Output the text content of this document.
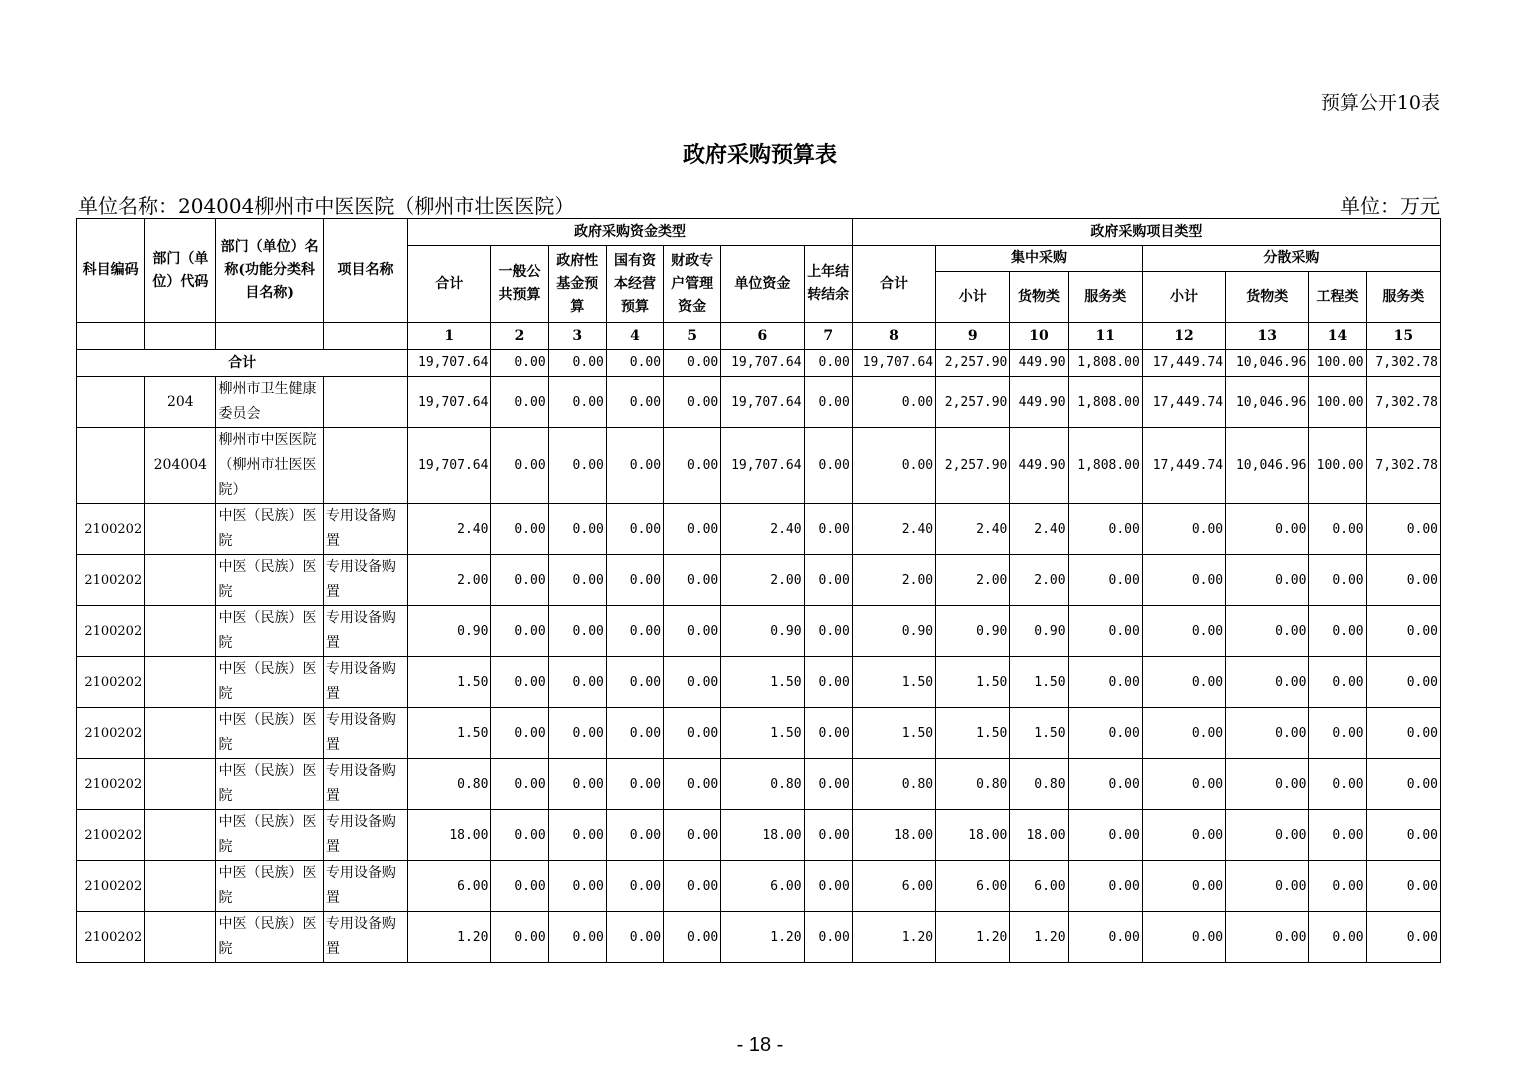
预算公开10表
政府采购预算表
单位名称：204004柳州市中医医院（柳州市壮医医院）	单位：万元
科目编码	部门（单位）代码	部门（单位）名称(功能分类科目名称)	项目名称	政府采购资金类型							政府采购项目类型							
				合计	一般公共预算	政府性基金预算	国有资本经营预算	财政专户管理资金	单位资金	上年结转结余	合计	集中采购			分散采购			
												小计	货物类	服务类	小计	货物类	工程类	服务类
				1	2	3	4	5	6	7	8	9	10	11	12	13	14	15
合计				19,707.64	0.00	0.00	0.00	0.00	19,707.64	0.00	19,707.64	2,257.90	449.90	1,808.00	17,449.74	10,046.96	100.00	7,302.78
	204	柳州市卫生健康委员会		19,707.64	0.00	0.00	0.00	0.00	19,707.64	0.00	0.00	2,257.90	449.90	1,808.00	17,449.74	10,046.96	100.00	7,302.78
	204004	柳州市中医医院（柳州市壮医医院）		19,707.64	0.00	0.00	0.00	0.00	19,707.64	0.00	0.00	2,257.90	449.90	1,808.00	17,449.74	10,046.96	100.00	7,302.78
2100202		中医（民族）医院	专用设备购置	2.40	0.00	0.00	0.00	0.00	2.40	0.00	2.40	2.40	2.40	0.00	0.00	0.00	0.00	0.00
2100202		中医（民族）医院	专用设备购置	2.00	0.00	0.00	0.00	0.00	2.00	0.00	2.00	2.00	2.00	0.00	0.00	0.00	0.00	0.00
2100202		中医（民族）医院	专用设备购置	0.90	0.00	0.00	0.00	0.00	0.90	0.00	0.90	0.90	0.90	0.00	0.00	0.00	0.00	0.00
2100202		中医（民族）医院	专用设备购置	1.50	0.00	0.00	0.00	0.00	1.50	0.00	1.50	1.50	1.50	0.00	0.00	0.00	0.00	0.00
2100202		中医（民族）医院	专用设备购置	1.50	0.00	0.00	0.00	0.00	1.50	0.00	1.50	1.50	1.50	0.00	0.00	0.00	0.00	0.00
2100202		中医（民族）医院	专用设备购置	0.80	0.00	0.00	0.00	0.00	0.80	0.00	0.80	0.80	0.80	0.00	0.00	0.00	0.00	0.00
2100202		中医（民族）医院	专用设备购置	18.00	0.00	0.00	0.00	0.00	18.00	0.00	18.00	18.00	18.00	0.00	0.00	0.00	0.00	0.00
2100202		中医（民族）医院	专用设备购置	6.00	0.00	0.00	0.00	0.00	6.00	0.00	6.00	6.00	6.00	0.00	0.00	0.00	0.00	0.00
2100202		中医（民族）医院	专用设备购置	1.20	0.00	0.00	0.00	0.00	1.20	0.00	1.20	1.20	1.20	0.00	0.00	0.00	0.00	0.00
- 18 -
